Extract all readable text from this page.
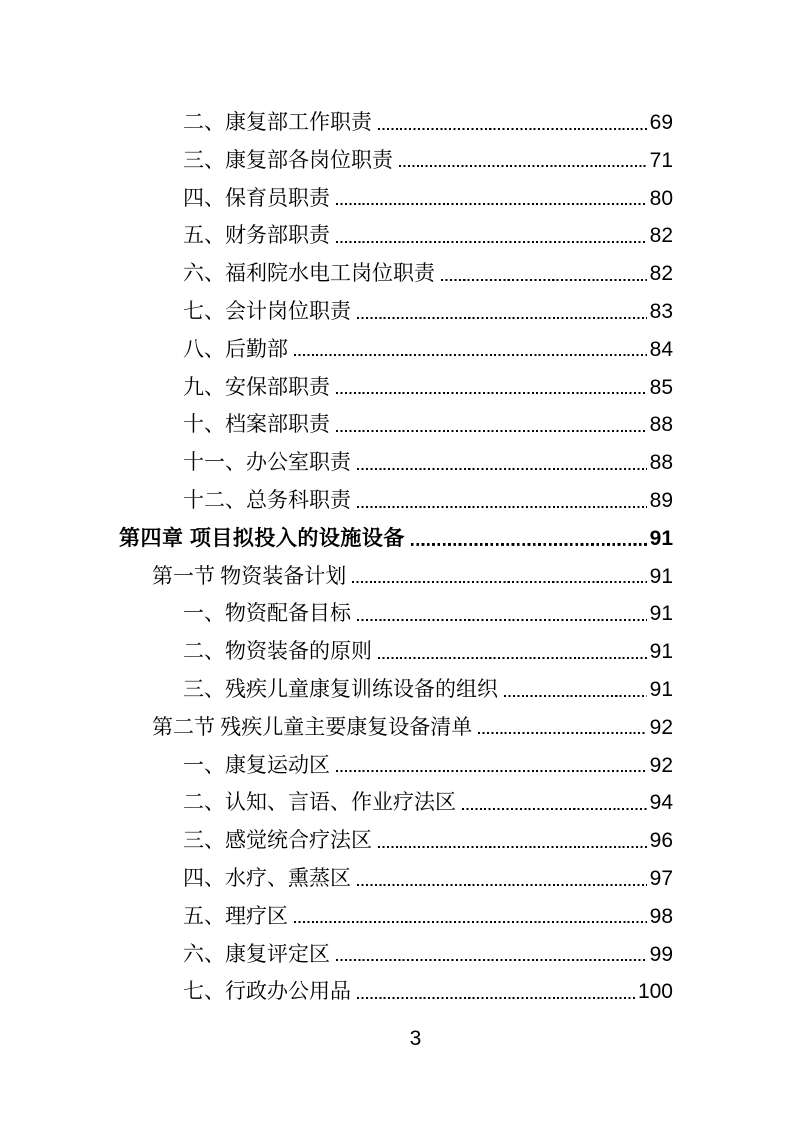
二、康复部工作职责	69
三、康复部各岗位职责	71
四、保育员职责	80
五、财务部职责	82
六、福利院水电工岗位职责	82
七、会计岗位职责	83
八、后勤部	84
九、安保部职责	85
十、档案部职责	88
十一、办公室职责	88
十二、总务科职责	89
第四章 项目拟投入的设施设备	91
第一节 物资装备计划	91
一、物资配备目标	91
二、物资装备的原则	91
三、残疾儿童康复训练设备的组织	91
第二节 残疾儿童主要康复设备清单	92
一、康复运动区	92
二、认知、言语、作业疗法区	94
三、感觉统合疗法区	96
四、水疗、熏蒸区	97
五、理疗区	98
六、康复评定区	99
七、行政办公用品	100
3
